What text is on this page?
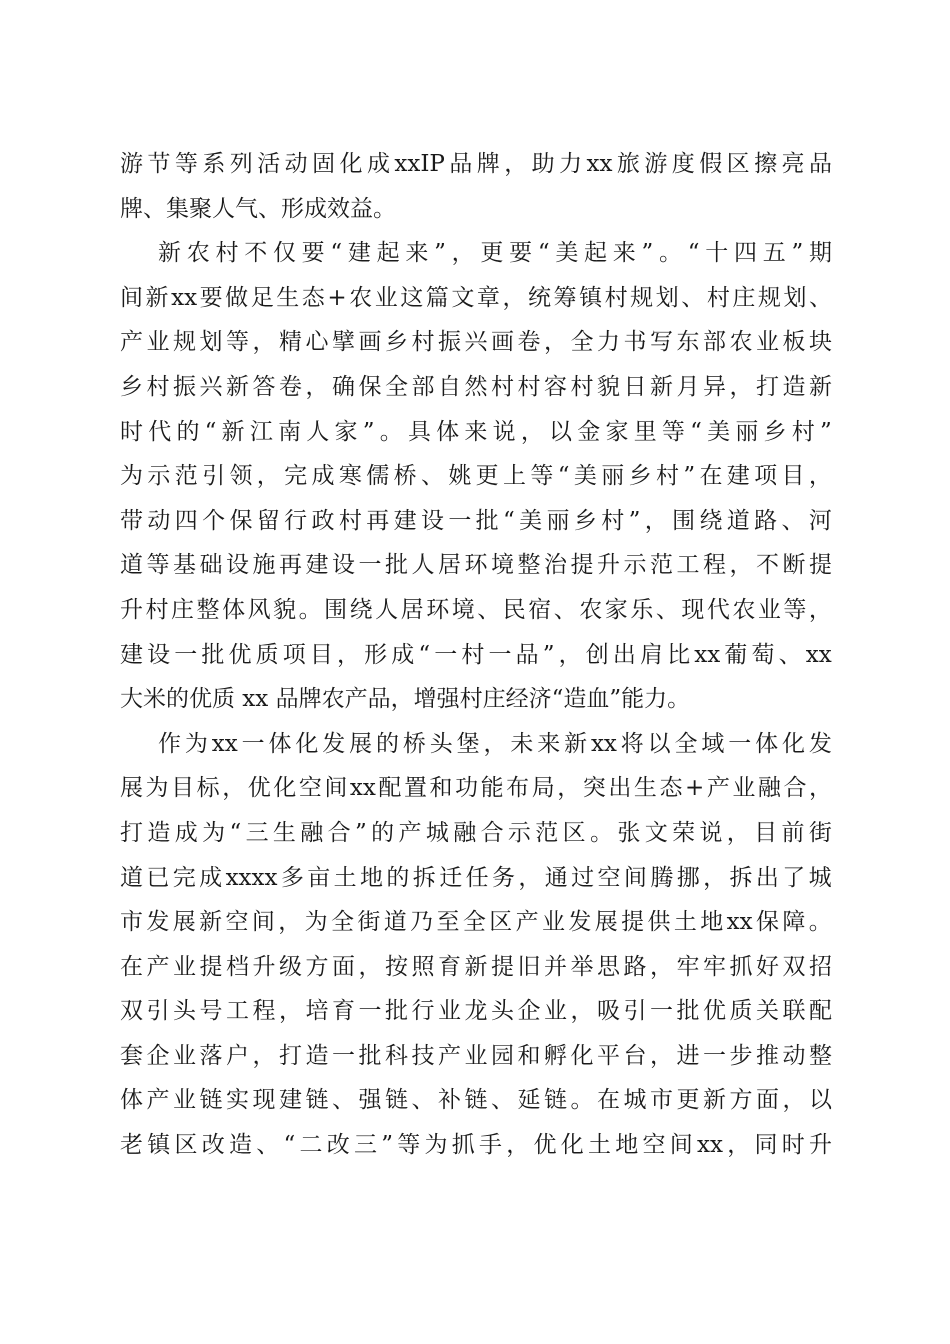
游 节 等 系 列 活 动 固 化 成 xxIP 品 牌 ， 助 力 xx 旅 游 度 假 区 擦 亮 品
牌、集聚人气、形成效益。
新 农 村 不 仅 要 “ 建 起 来 ” ， 更 要 “ 美 起 来 ” 。 “ 十 四 五 ” 期
间 新 xx 要 做 足 生 态 + 农 业 这 篇 文 章 ， 统 筹 镇 村 规 划 、 村 庄 规 划 、
产 业 规 划 等 ， 精 心 擘 画 乡 村 振 兴 画 卷 ， 全 力 书 写 东 部 农 业 板 块
乡 村 振 兴 新 答 卷 ， 确 保 全 部 自 然 村 村 容 村 貌 日 新 月 异 ， 打 造 新
时 代 的 “ 新 江 南 人 家 ” 。 具 体 来 说 ， 以 金 家 里 等 “ 美 丽 乡 村 ”
为 示 范 引 领 ， 完 成 寒 儒 桥 、 姚 更 上 等 “ 美 丽 乡 村 ” 在 建 项 目 ，
带 动 四 个 保 留 行 政 村 再 建 设 一 批 “ 美 丽 乡 村 ” ， 围 绕 道 路 、 河
道 等 基 础 设 施 再 建 设 一 批 人 居 环 境 整 治 提 升 示 范 工 程 ， 不 断 提
升 村 庄 整 体 风 貌 。 围 绕 人 居 环 境 、 民 宿 、 农 家 乐 、 现 代 农 业 等 ，
建 设 一 批 优 质 项 目 ， 形 成 “ 一 村 一 品 ” ， 创 出 肩 比 xx 葡 萄 、 xx
大米的优质 xx 品牌农产品，增强村庄经济“造血”能力。
作 为 xx 一 体 化 发 展 的 桥 头 堡 ， 未 来 新 xx 将 以 全 域 一 体 化 发
展 为 目 标 ， 优 化 空 间 xx 配 置 和 功 能 布 局 ， 突 出 生 态 + 产 业 融 合 ，
打 造 成 为 “ 三 生 融 合 ” 的 产 城 融 合 示 范 区 。 张 文 荣 说 ， 目 前 街
道 已 完 成 xxxx 多 亩 土 地 的 拆 迁 任 务 ， 通 过 空 间 腾 挪 ， 拆 出 了 城
市 发 展 新 空 间 ， 为 全 街 道 乃 至 全 区 产 业 发 展 提 供 土 地 xx 保 障 。
在 产 业 提 档 升 级 方 面 ， 按 照 育 新 提 旧 并 举 思 路 ， 牢 牢 抓 好 双 招
双 引 头 号 工 程 ， 培 育 一 批 行 业 龙 头 企 业 ， 吸 引 一 批 优 质 关 联 配
套 企 业 落 户 ， 打 造 一 批 科 技 产 业 园 和 孵 化 平 台 ， 进 一 步 推 动 整
体 产 业 链 实 现 建 链 、 强 链 、 补 链 、 延 链 。 在 城 市 更 新 方 面 ， 以
老 镇 区 改 造 、 “ 二 改 三 ” 等 为 抓 手 ， 优 化 土 地 空 间 xx ， 同 时 升
